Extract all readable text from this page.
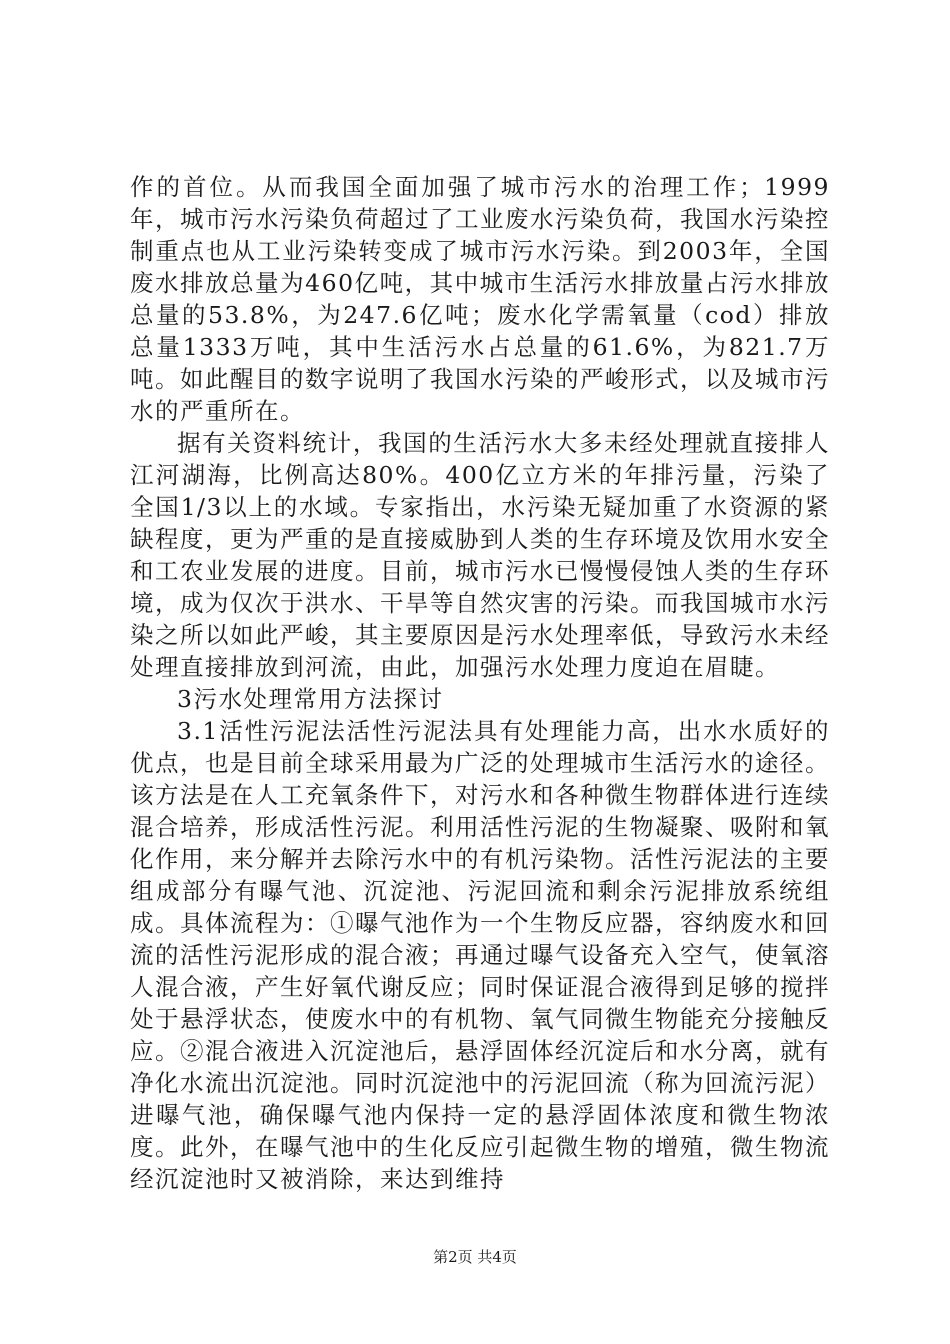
作的首位。从而我国全面加强了城市污水的治理工作；1999年，城市污水污染负荷超过了工业废水污染负荷，我国水污染控制重点也从工业污染转变成了城市污水污染。到2003年，全国废水排放总量为460亿吨，其中城市生活污水排放量占污水排放总量的53.8%，为247.6亿吨；废水化学需氧量（cod）排放总量1333万吨，其中生活污水占总量的61.6%，为821.7万吨。如此醒目的数字说明了我国水污染的严峻形式，以及城市污水的严重所在。

据有关资料统计，我国的生活污水大多未经处理就直接排人江河湖海，比例高达80%。400亿立方米的年排污量，污染了全国1/3以上的水域。专家指出，水污染无疑加重了水资源的紧缺程度，更为严重的是直接威胁到人类的生存环境及饮用水安全和工农业发展的进度。目前，城市污水已慢慢侵蚀人类的生存环境，成为仅次于洪水、干旱等自然灾害的污染。而我国城市水污染之所以如此严峻，其主要原因是污水处理率低，导致污水未经处理直接排放到河流，由此，加强污水处理力度迫在眉睫。

3污水处理常用方法探讨

3.1活性污泥法活性污泥法具有处理能力高，出水水质好的优点，也是目前全球采用最为广泛的处理城市生活污水的途径。该方法是在人工充氧条件下，对污水和各种微生物群体进行连续混合培养，形成活性污泥。利用活性污泥的生物凝聚、吸附和氧化作用，来分解并去除污水中的有机污染物。活性污泥法的主要组成部分有曝气池、沉淀池、污泥回流和剩余污泥排放系统组成。具体流程为：①曝气池作为一个生物反应器，容纳废水和回流的活性污泥形成的混合液；再通过曝气设备充入空气，使氧溶人混合液，产生好氧代谢反应；同时保证混合液得到足够的搅拌处于悬浮状态，使废水中的有机物、氧气同微生物能充分接触反应。②混合液进入沉淀池后，悬浮固体经沉淀后和水分离，就有净化水流出沉淀池。同时沉淀池中的污泥回流（称为回流污泥）进曝气池，确保曝气池内保持一定的悬浮固体浓度和微生物浓度。此外，在曝气池中的生化反应引起微生物的增殖，微生物流经沉淀池时又被消除，来达到维持

第2页 共4页
